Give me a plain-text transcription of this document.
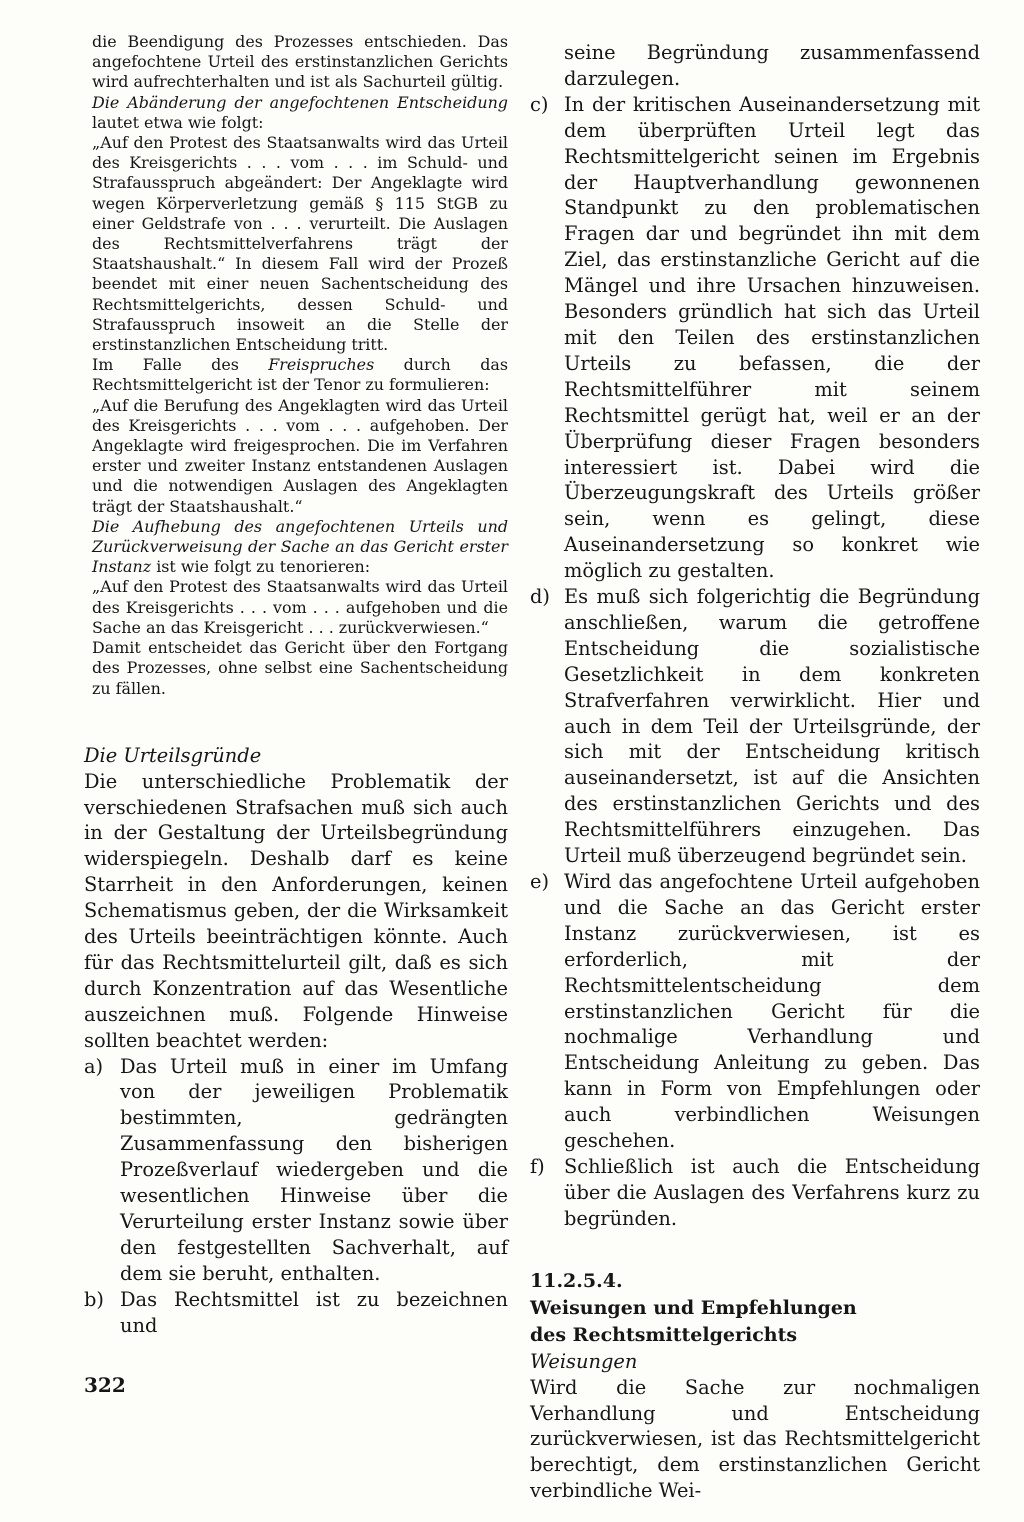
die Beendigung des Prozesses entschieden. Das angefochtene Urteil des erstinstanzlichen Gerichts wird aufrechterhalten und ist als Sachurteil gültig.

Die Abänderung der angefochtenen Entscheidung lautet etwa wie folgt:

„Auf den Protest des Staatsanwalts wird das Urteil des Kreisgerichts . . . vom . . . im Schuld- und Strafausspruch abgeändert: Der Angeklagte wird wegen Körperverletzung gemäß § 115 StGB zu einer Geldstrafe von . . . verurteilt. Die Auslagen des Rechtsmittelverfahrens trägt der Staatshaushalt.“ In diesem Fall wird der Prozeß beendet mit einer neuen Sachentscheidung des Rechtsmittelgerichts, dessen Schuld- und Strafausspruch insoweit an die Stelle der erstinstanzlichen Entscheidung tritt.

Im Falle des Freispruches durch das Rechtsmittelgericht ist der Tenor zu formulieren:

„Auf die Berufung des Angeklagten wird das Urteil des Kreisgerichts . . . vom . . . aufgehoben. Der Angeklagte wird freigesprochen. Die im Verfahren erster und zweiter Instanz entstandenen Auslagen und die notwendigen Auslagen des Angeklagten trägt der Staatshaushalt.“

Die Aufhebung des angefochtenen Urteils und Zurückverweisung der Sache an das Gericht erster Instanz ist wie folgt zu tenorieren:

„Auf den Protest des Staatsanwalts wird das Urteil des Kreisgerichts . . . vom . . . aufgehoben und die Sache an das Kreisgericht . . . zurückverwiesen.“

Damit entscheidet das Gericht über den Fortgang des Prozesses, ohne selbst eine Sachentscheidung zu fällen.

Die Urteilsgründe

Die unterschiedliche Problematik der verschiedenen Strafsachen muß sich auch in der Gestaltung der Urteilsbegründung widerspiegeln. Deshalb darf es keine Starrheit in den Anforderungen, keinen Schematismus geben, der die Wirksamkeit des Urteils beeinträchtigen könnte. Auch für das Rechtsmittelurteil gilt, daß es sich durch Konzentration auf das Wesentliche auszeichnen muß. Folgende Hinweise sollten beachtet werden:

a) Das Urteil muß in einer im Umfang von der jeweiligen Problematik bestimmten, gedrängten Zusammenfassung den bisherigen Prozeßverlauf wiedergeben und die wesentlichen Hinweise über die Verurteilung erster Instanz sowie über den festgestellten Sachverhalt, auf dem sie beruht, enthalten.
b) Das Rechtsmittel ist zu bezeichnen und

seine Begründung zusammenfassend darzulegen.

c) In der kritischen Auseinandersetzung mit dem überprüften Urteil legt das Rechtsmittelgericht seinen im Ergebnis der Hauptverhandlung gewonnenen Standpunkt zu den problematischen Fragen dar und begründet ihn mit dem Ziel, das erstinstanzliche Gericht auf die Mängel und ihre Ursachen hinzuweisen. Besonders gründlich hat sich das Urteil mit den Teilen des erstinstanzlichen Urteils zu befassen, die der Rechtsmittelführer mit seinem Rechtsmittel gerügt hat, weil er an der Überprüfung dieser Fragen besonders interessiert ist. Dabei wird die Überzeugungskraft des Urteils größer sein, wenn es gelingt, diese Auseinandersetzung so konkret wie möglich zu gestalten.
d) Es muß sich folgerichtig die Begründung anschließen, warum die getroffene Entscheidung die sozialistische Gesetzlichkeit in dem konkreten Strafverfahren verwirklicht. Hier und auch in dem Teil der Urteilsgründe, der sich mit der Entscheidung kritisch auseinandersetzt, ist auf die Ansichten des erstinstanzlichen Gerichts und des Rechtsmittelführers einzugehen. Das Urteil muß überzeugend begründet sein.
e) Wird das angefochtene Urteil aufgehoben und die Sache an das Gericht erster Instanz zurückverwiesen, ist es erforderlich, mit der Rechtsmittelentscheidung dem erstinstanzlichen Gericht für die nochmalige Verhandlung und Entscheidung Anleitung zu geben. Das kann in Form von Empfehlungen oder auch verbindlichen Weisungen geschehen.
f) Schließlich ist auch die Entscheidung über die Auslagen des Verfahrens kurz zu begründen.
11.2.5.4.
Weisungen und Empfehlungen
des Rechtsmittelgerichts

Weisungen

Wird die Sache zur nochmaligen Verhandlung und Entscheidung zurückverwiesen, ist das Rechtsmittelgericht berechtigt, dem erstinstanzlichen Gericht verbindliche Wei-

322
